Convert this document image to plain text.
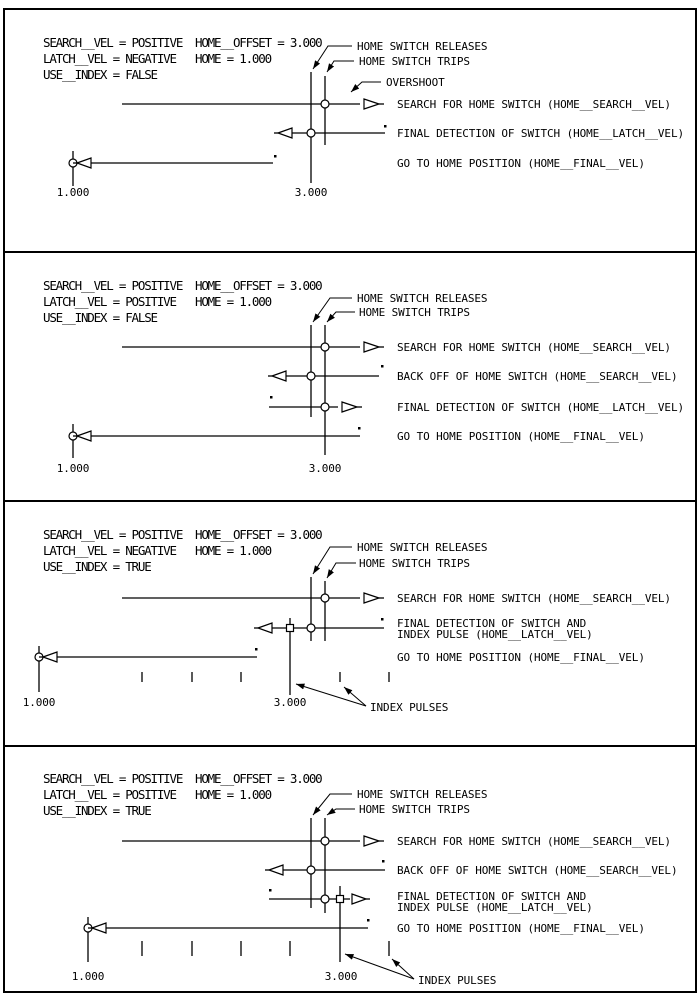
SEARCH__VEL = POSITIVE HOME__OFFSET = 3.000
LATCH__VEL = NEGATIVE HOME = 1.000
USE__INDEX = FALSE
HOME SWITCH RELEASES
HOME SWITCH TRIPS
OVERSHOOT
SEARCH FOR HOME SWITCH (HOME__SEARCH__VEL)
FINAL DETECTION OF SWITCH (HOME__LATCH__VEL)
GO TO HOME POSITION (HOME__FINAL__VEL)
1.000	3.000
SEARCH__VEL = POSITIVE HOME__OFFSET = 3.000
LATCH__VEL = POSITIVE HOME = 1.000
USE__INDEX = FALSE
HOME SWITCH RELEASES
HOME SWITCH TRIPS
SEARCH FOR HOME SWITCH (HOME__SEARCH__VEL)
BACK OFF OF HOME SWITCH (HOME__SEARCH__VEL)
FINAL DETECTION OF SWITCH (HOME__LATCH__VEL)
GO TO HOME POSITION (HOME__FINAL__VEL)
1.000	3.000
SEARCH__VEL = POSITIVE HOME__OFFSET = 3.000
LATCH__VEL = NEGATIVE HOME = 1.000
USE__INDEX = TRUE
HOME SWITCH RELEASES
HOME SWITCH TRIPS
SEARCH FOR HOME SWITCH (HOME__SEARCH__VEL)
FINAL DETECTION OF SWITCH AND
INDEX PULSE (HOME__LATCH__VEL)
GO TO HOME POSITION (HOME__FINAL__VEL)
INDEX PULSES
1.000	3.000
SEARCH__VEL = POSITIVE HOME__OFFSET = 3.000
LATCH__VEL = POSITIVE HOME = 1.000
USE__INDEX = TRUE
HOME SWITCH RELEASES
HOME SWITCH TRIPS
SEARCH FOR HOME SWITCH (HOME__SEARCH__VEL)
BACK OFF OF HOME SWITCH (HOME__SEARCH__VEL)
FINAL DETECTION OF SWITCH AND
INDEX PULSE (HOME__LATCH__VEL)
GO TO HOME POSITION (HOME__FINAL__VEL)
INDEX PULSES
1.000	3.000
